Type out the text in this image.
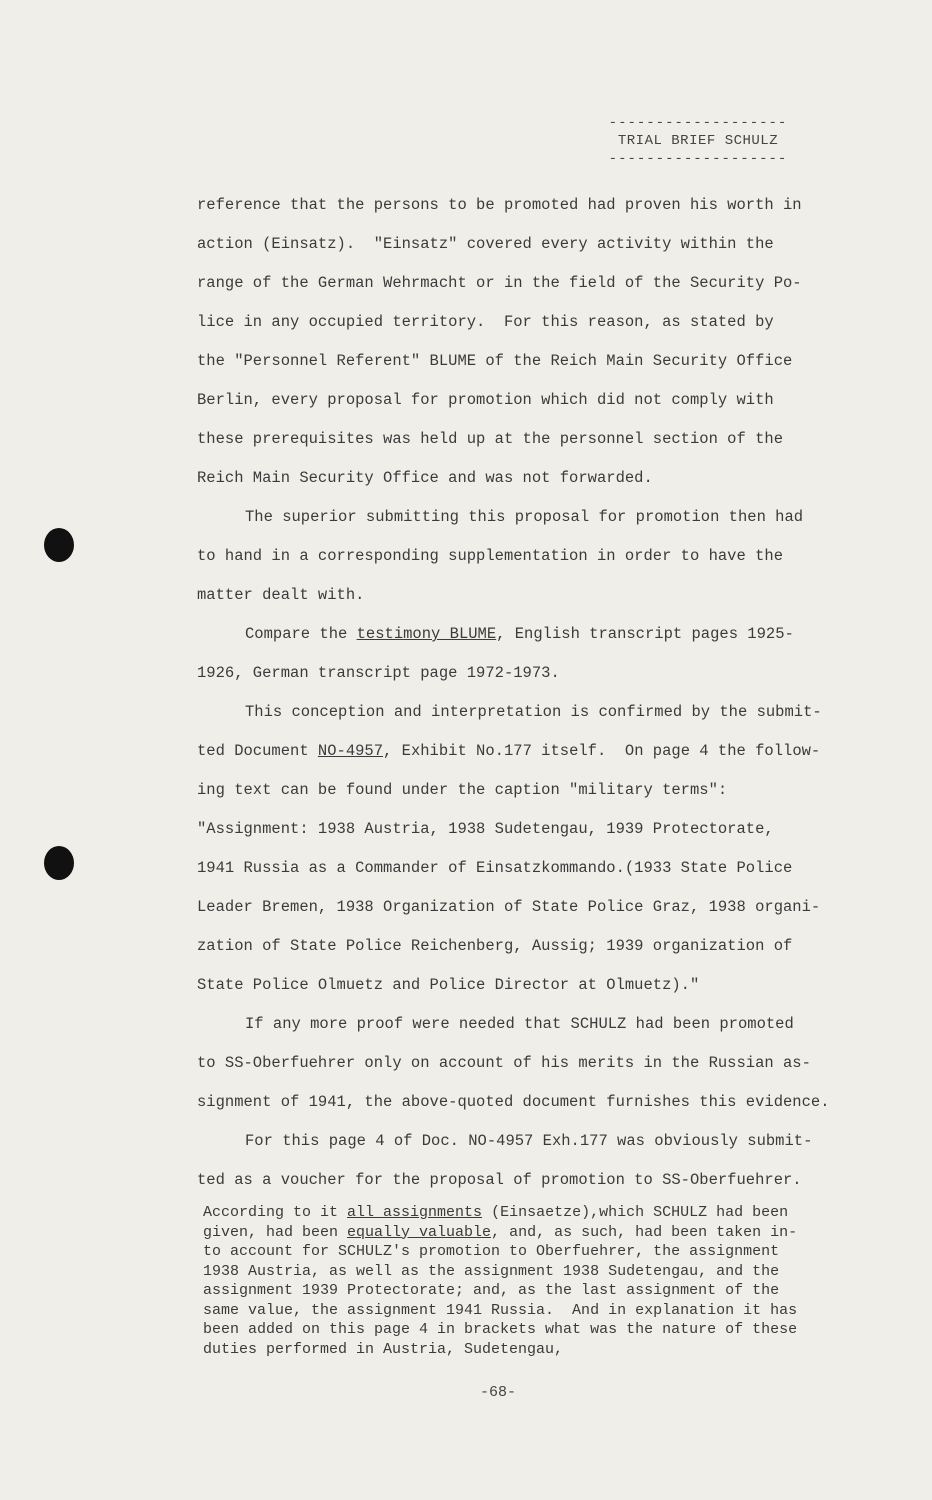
-------------------
TRIAL BRIEF SCHULZ
-------------------

reference that the persons to be promoted had proven his worth in

action (Einsatz).  "Einsatz" covered every activity within the

range of the German Wehrmacht or in the field of the Security Po-

lice in any occupied territory.  For this reason, as stated by

the "Personnel Referent" BLUME of the Reich Main Security Office

Berlin, every proposal for promotion which did not comply with

these prerequisites was held up at the personnel section of the

Reich Main Security Office and was not forwarded.

The superior submitting this proposal for promotion then had

to hand in a corresponding supplementation in order to have the

matter dealt with.

Compare the testimony BLUME, English transcript pages 1925-

1926, German transcript page 1972-1973.

This conception and interpretation is confirmed by the submit-

ted Document NO-4957, Exhibit No.177 itself.  On page 4 the follow-

ing text can be found under the caption "military terms":

"Assignment: 1938 Austria, 1938 Sudetengau, 1939 Protectorate,

1941 Russia as a Commander of Einsatzkommando.(1933 State Police

Leader Bremen, 1938 Organization of State Police Graz, 1938 organi-

zation of State Police Reichenberg, Aussig; 1939 organization of

State Police Olmuetz and Police Director at Olmuetz)."

If any more proof were needed that SCHULZ had been promoted

to SS-Oberfuehrer only on account of his merits in the Russian as-

signment of 1941, the above-quoted document furnishes this evidence.

For this page 4 of Doc. NO-4957 Exh.177 was obviously submit-

ted as a voucher for the proposal of promotion to SS-Oberfuehrer.

According to it all assignments (Einsaetze),which SCHULZ had been

given, had been equally valuable, and, as such, had been taken in-

to account for SCHULZ's promotion to Oberfuehrer, the assignment

1938 Austria, as well as the assignment 1938 Sudetengau, and the

assignment 1939 Protectorate; and, as the last assignment of the

same value, the assignment 1941 Russia.  And in explanation it has

been added on this page 4 in brackets what was the nature of these

duties performed in Austria, Sudetengau,

-68-
